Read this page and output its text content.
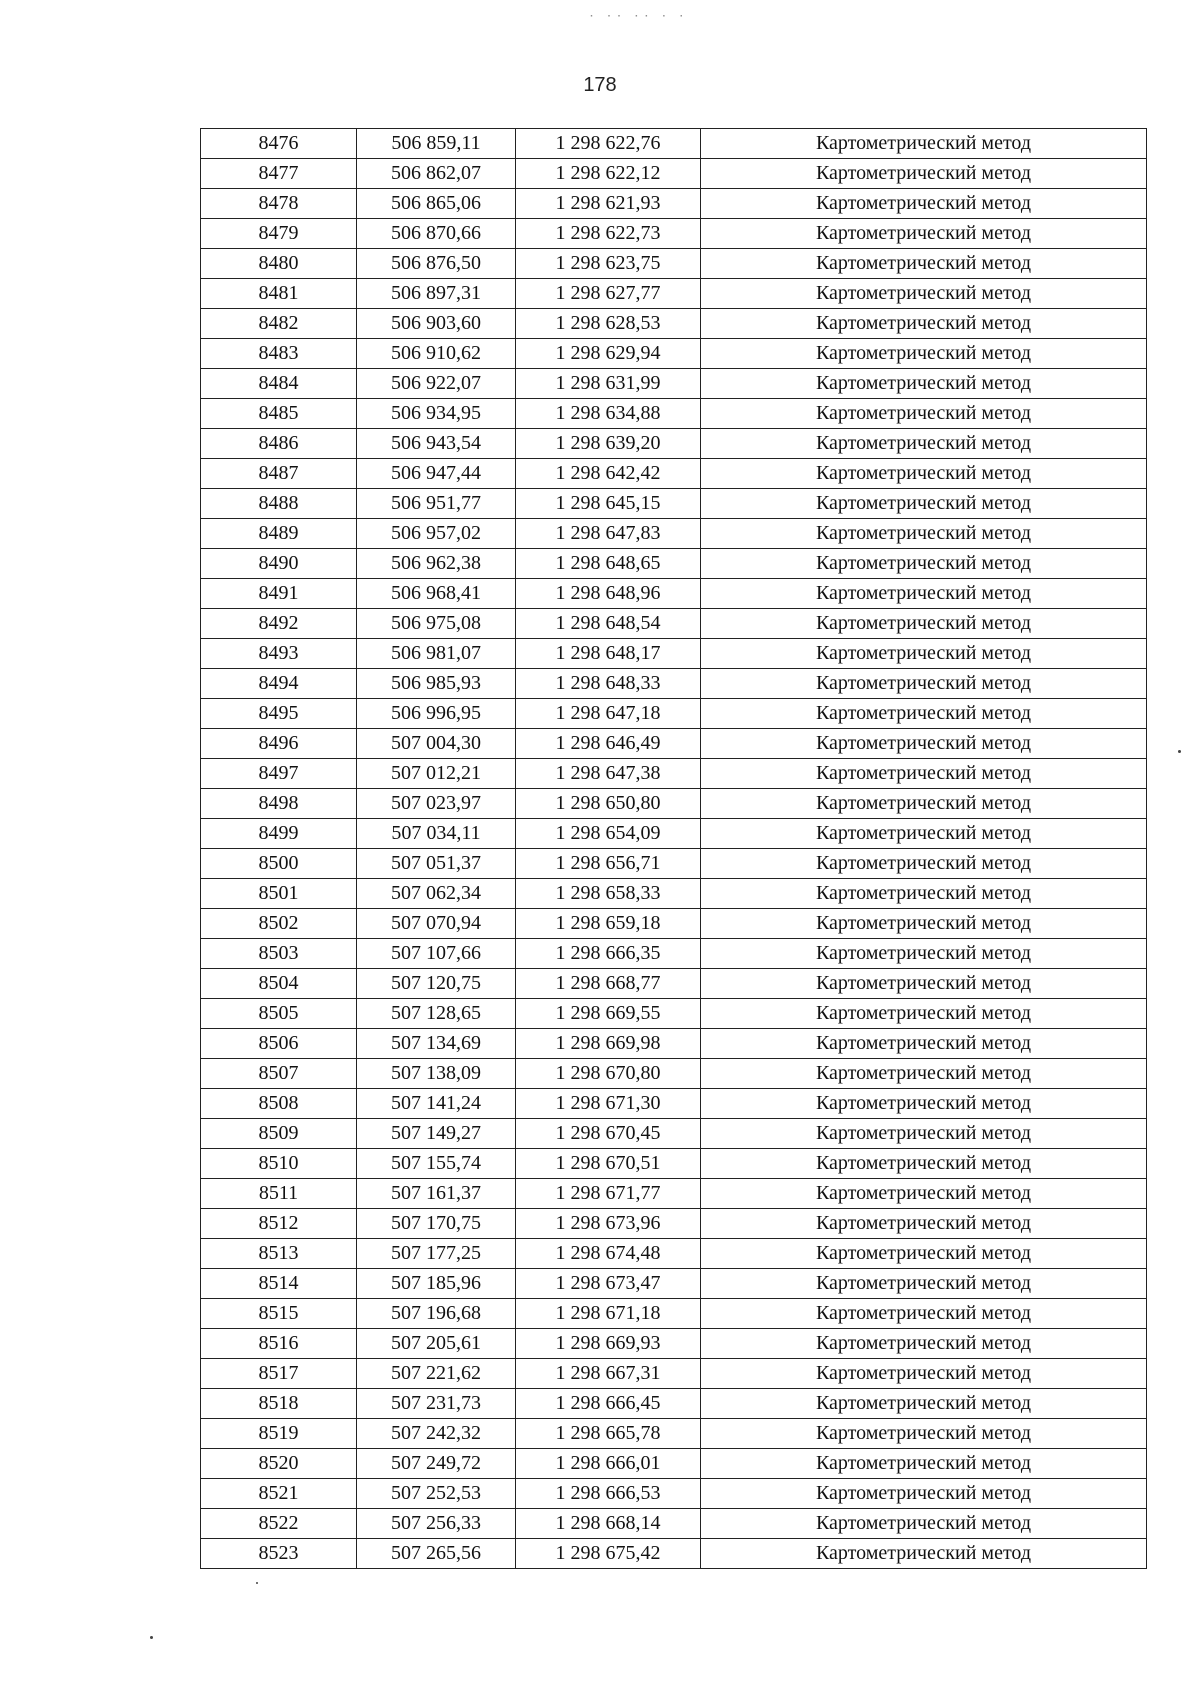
˙ ˙˙ ˙˙ ˙ ˙
178
8476	506 859,11	1 298 622,76	Картометрический метод
8477	506 862,07	1 298 622,12	Картометрический метод
8478	506 865,06	1 298 621,93	Картометрический метод
8479	506 870,66	1 298 622,73	Картометрический метод
8480	506 876,50	1 298 623,75	Картометрический метод
8481	506 897,31	1 298 627,77	Картометрический метод
8482	506 903,60	1 298 628,53	Картометрический метод
8483	506 910,62	1 298 629,94	Картометрический метод
8484	506 922,07	1 298 631,99	Картометрический метод
8485	506 934,95	1 298 634,88	Картометрический метод
8486	506 943,54	1 298 639,20	Картометрический метод
8487	506 947,44	1 298 642,42	Картометрический метод
8488	506 951,77	1 298 645,15	Картометрический метод
8489	506 957,02	1 298 647,83	Картометрический метод
8490	506 962,38	1 298 648,65	Картометрический метод
8491	506 968,41	1 298 648,96	Картометрический метод
8492	506 975,08	1 298 648,54	Картометрический метод
8493	506 981,07	1 298 648,17	Картометрический метод
8494	506 985,93	1 298 648,33	Картометрический метод
8495	506 996,95	1 298 647,18	Картометрический метод
8496	507 004,30	1 298 646,49	Картометрический метод
8497	507 012,21	1 298 647,38	Картометрический метод
8498	507 023,97	1 298 650,80	Картометрический метод
8499	507 034,11	1 298 654,09	Картометрический метод
8500	507 051,37	1 298 656,71	Картометрический метод
8501	507 062,34	1 298 658,33	Картометрический метод
8502	507 070,94	1 298 659,18	Картометрический метод
8503	507 107,66	1 298 666,35	Картометрический метод
8504	507 120,75	1 298 668,77	Картометрический метод
8505	507 128,65	1 298 669,55	Картометрический метод
8506	507 134,69	1 298 669,98	Картометрический метод
8507	507 138,09	1 298 670,80	Картометрический метод
8508	507 141,24	1 298 671,30	Картометрический метод
8509	507 149,27	1 298 670,45	Картометрический метод
8510	507 155,74	1 298 670,51	Картометрический метод
8511	507 161,37	1 298 671,77	Картометрический метод
8512	507 170,75	1 298 673,96	Картометрический метод
8513	507 177,25	1 298 674,48	Картометрический метод
8514	507 185,96	1 298 673,47	Картометрический метод
8515	507 196,68	1 298 671,18	Картометрический метод
8516	507 205,61	1 298 669,93	Картометрический метод
8517	507 221,62	1 298 667,31	Картометрический метод
8518	507 231,73	1 298 666,45	Картометрический метод
8519	507 242,32	1 298 665,78	Картометрический метод
8520	507 249,72	1 298 666,01	Картометрический метод
8521	507 252,53	1 298 666,53	Картометрический метод
8522	507 256,33	1 298 668,14	Картометрический метод
8523	507 265,56	1 298 675,42	Картометрический метод
